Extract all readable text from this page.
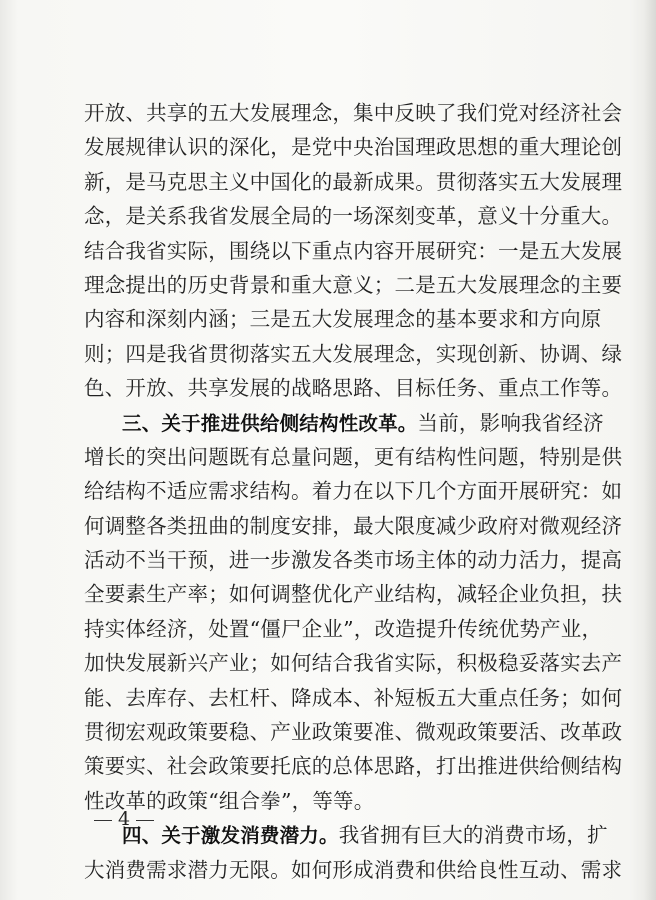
开放、共享的五大发展理念，集中反映了我们党对经济社会
发展规律认识的深化，是党中央治国理政思想的重大理论创
新，是马克思主义中国化的最新成果。贯彻落实五大发展理
念，是关系我省发展全局的一场深刻变革，意义十分重大。
结合我省实际，围绕以下重点内容开展研究：一是五大发展
理念提出的历史背景和重大意义；二是五大发展理念的主要
内容和深刻内涵；三是五大发展理念的基本要求和方向原
则；四是我省贯彻落实五大发展理念，实现创新、协调、绿
色、开放、共享发展的战略思路、目标任务、重点工作等。
三、关于推进供给侧结构性改革。当前，影响我省经济
增长的突出问题既有总量问题，更有结构性问题，特别是供
给结构不适应需求结构。着力在以下几个方面开展研究：如
何调整各类扭曲的制度安排，最大限度减少政府对微观经济
活动不当干预，进一步激发各类市场主体的动力活力，提高
全要素生产率；如何调整优化产业结构，减轻企业负担，扶
持实体经济，处置“僵尸企业”，改造提升传统优势产业，
加快发展新兴产业；如何结合我省实际，积极稳妥落实去产
能、去库存、去杠杆、降成本、补短板五大重点任务；如何
贯彻宏观政策要稳、产业政策要准、微观政策要活、改革政
策要实、社会政策要托底的总体思路，打出推进供给侧结构
性改革的政策“组合拳”，等等。
四、关于激发消费潜力。我省拥有巨大的消费市场，扩
大消费需求潜力无限。如何形成消费和供给良性互动、需求
4
